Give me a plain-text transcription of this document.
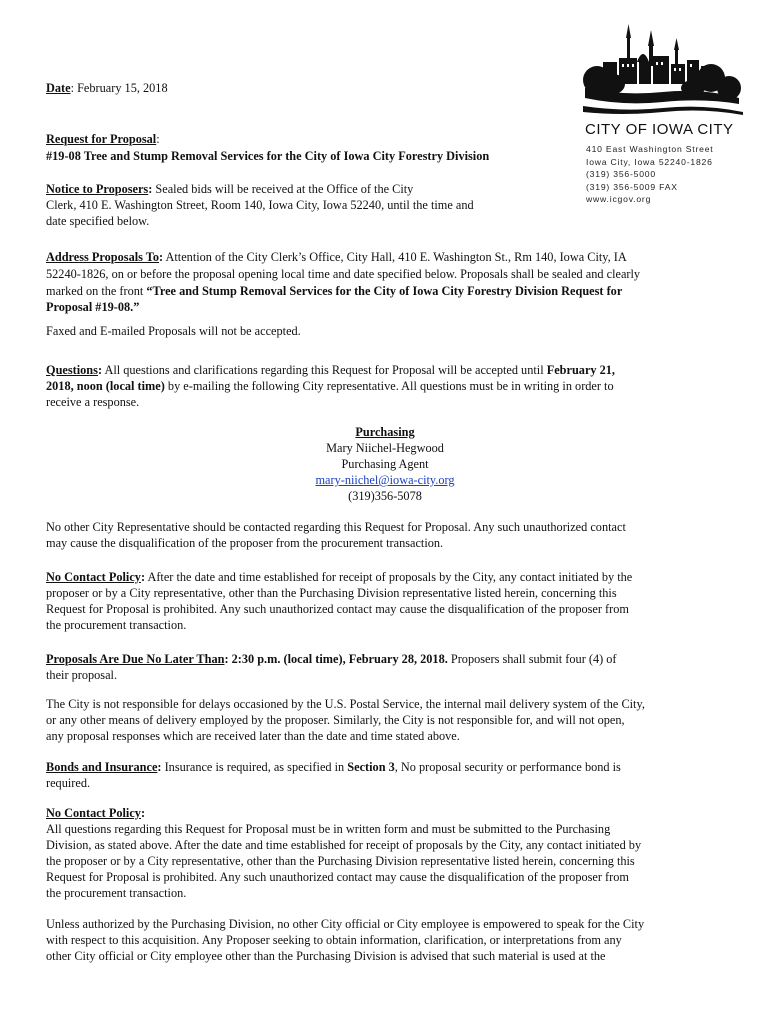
Date: February 15, 2018
Request for Proposal:
#19-08 Tree and Stump Removal Services for the City of Iowa City Forestry Division
Notice to Proposers: Sealed bids will be received at the Office of the City
Clerk, 410 E. Washington Street, Room 140, Iowa City, Iowa 52240, until the time and
date specified below.
CITY OF IOWA CITY
410 East Washington Street
Iowa City, Iowa 52240-1826
(319) 356-5000
(319) 356-5009 FAX
www.icgov.org
Address Proposals To: Attention of the City Clerk’s Office, City Hall, 410 E. Washington St., Rm 140, Iowa City, IA
52240-1826, on or before the proposal opening local time and date specified below. Proposals shall be sealed and clearly
marked on the front “Tree and Stump Removal Services for the City of Iowa City Forestry Division Request for
Proposal #19-08.”
Faxed and E-mailed Proposals will not be accepted.
Questions: All questions and clarifications regarding this Request for Proposal will be accepted until February 21,
2018, noon (local time) by e-mailing the following City representative. All questions must be in writing in order to
receive a response.
Purchasing
Mary Niichel-Hegwood
Purchasing Agent
mary-niichel@iowa-city.org
(319)356-5078
No other City Representative should be contacted regarding this Request for Proposal. Any such unauthorized contact
may cause the disqualification of the proposer from the procurement transaction.
No Contact Policy: After the date and time established for receipt of proposals by the City, any contact initiated by the
proposer or by a City representative, other than the Purchasing Division representative listed herein, concerning this
Request for Proposal is prohibited. Any such unauthorized contact may cause the disqualification of the proposer from
the procurement transaction.
Proposals Are Due No Later Than: 2:30 p.m. (local time), February 28, 2018. Proposers shall submit four (4) of
their proposal.
The City is not responsible for delays occasioned by the U.S. Postal Service, the internal mail delivery system of the City,
or any other means of delivery employed by the proposer. Similarly, the City is not responsible for, and will not open,
any proposal responses which are received later than the date and time stated above.
Bonds and Insurance: Insurance is required, as specified in Section 3, No proposal security or performance bond is
required.
No Contact Policy:
All questions regarding this Request for Proposal must be in written form and must be submitted to the Purchasing
Division, as stated above. After the date and time established for receipt of proposals by the City, any contact initiated by
the proposer or by a City representative, other than the Purchasing Division representative listed herein, concerning this
Request for Proposal is prohibited. Any such unauthorized contact may cause the disqualification of the proposer from
the procurement transaction.
Unless authorized by the Purchasing Division, no other City official or City employee is empowered to speak for the City
with respect to this acquisition. Any Proposer seeking to obtain information, clarification, or interpretations from any
other City official or City employee other than the Purchasing Division is advised that such material is used at the
